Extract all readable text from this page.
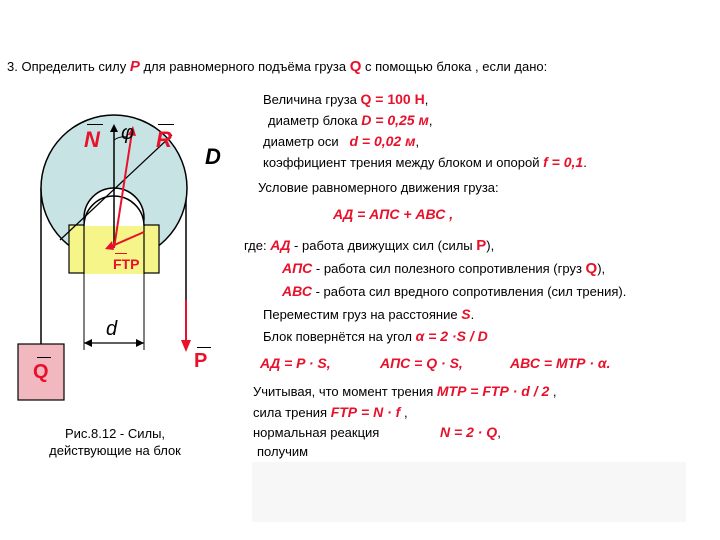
3. Определить силу P для равномерного подъёма груза Q с помощью блока , если дано:
N φ R
D
FТР
d
Q	P
Рис.8.12 - Силы,
действующие на блок
Величина груза Q = 100 Н,
диаметр блока D = 0,25 м,
диаметр оси   d = 0,02 м,
коэффициент трения между блоком и опорой f = 0,1.
Условие равномерного движения груза:
AД = AПС + AВС ,
где: AД - работа движущих сил (силы P),
AПС - работа сил полезного сопротивления (груз Q),
AВС - работа сил вредного сопротивления (сил трения).
Переместим груз на расстояние S.
Блок повернётся на угол α = 2 ·S / D
AД = P · S,	AПС = Q · S,	AВС = MТР · α.
Учитывая, что момент трения MТР = FТР · d / 2 ,
сила трения FТР = N · f ,
нормальная реакция	N = 2 · Q,
получим
